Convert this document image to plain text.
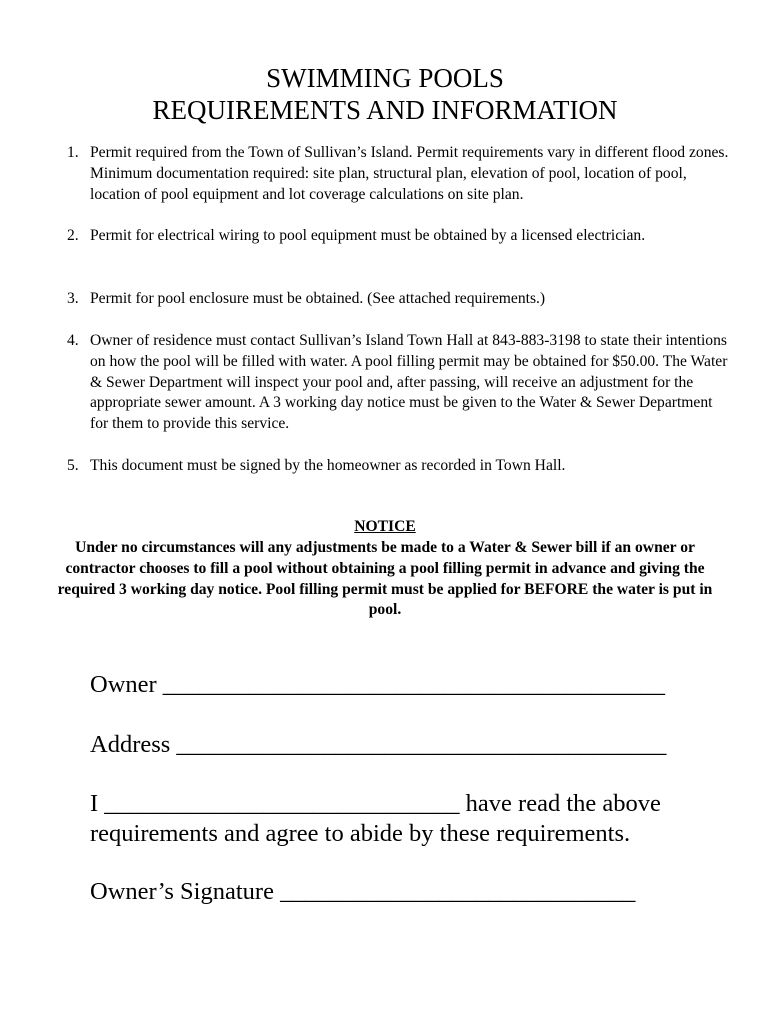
SWIMMING POOLS
REQUIREMENTS AND INFORMATION
1. Permit required from the Town of Sullivan’s Island. Permit requirements vary in different flood zones. Minimum documentation required: site plan, structural plan, elevation of pool, location of pool, location of pool equipment and lot coverage calculations on site plan.
2. Permit for electrical wiring to pool equipment must be obtained by a licensed electrician.
3. Permit for pool enclosure must be obtained. (See attached requirements.)
4. Owner of residence must contact Sullivan’s Island Town Hall at 843-883-3198 to state their intentions on how the pool will be filled with water. A pool filling permit may be obtained for $50.00. The Water & Sewer Department will inspect your pool and, after passing, will receive an adjustment for the appropriate sewer amount. A 3 working day notice must be given to the Water & Sewer Department for them to provide this service.
5. This document must be signed by the homeowner as recorded in Town Hall.
NOTICE
Under no circumstances will any adjustments be made to a Water & Sewer bill if an owner or contractor chooses to fill a pool without obtaining a pool filling permit in advance and giving the required 3 working day notice. Pool filling permit must be applied for BEFORE the water is put in pool.
Owner _________________________________________
Address ________________________________________
I _____________________________ have read the above
requirements and agree to abide by these requirements.
Owner’s Signature _____________________________
